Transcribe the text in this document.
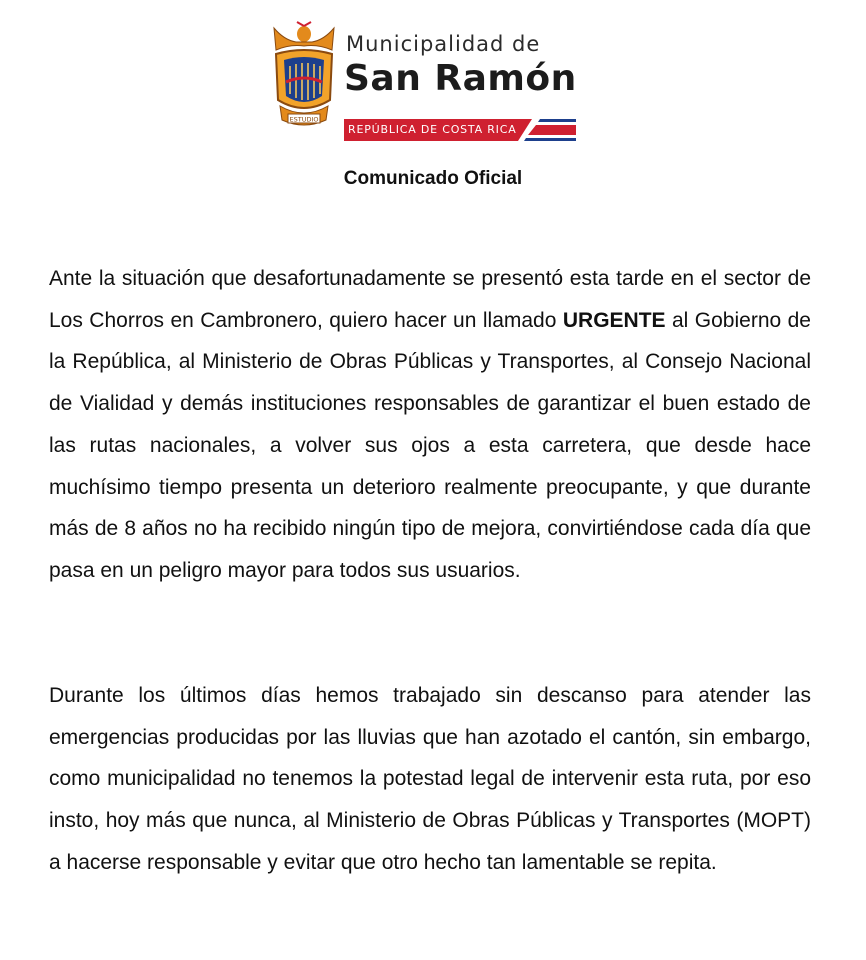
ESTUDIO
Municipalidad de
San Ramón
REPÚBLICA DE COSTA RICA
Comunicado Oficial

Ante la situación que desafortunadamente se presentó esta tarde en el sector de Los Chorros en Cambronero, quiero hacer un llamado URGENTE al Gobierno de la República, al Ministerio de Obras Públicas y Transportes, al Consejo Nacional de Vialidad y demás instituciones responsables de garantizar el buen estado de las rutas nacionales, a volver sus ojos a esta carretera, que desde hace muchísimo tiempo presenta un deterioro realmente preocupante, y que durante más de 8 años no ha recibido ningún tipo de mejora, convirtiéndose cada día que pasa en un peligro mayor para todos sus usuarios.

Durante los últimos días hemos trabajado sin descanso para atender las emergencias producidas por las lluvias que han azotado el cantón, sin embargo, como municipalidad no tenemos la potestad legal de intervenir esta ruta, por eso insto, hoy más que nunca, al Ministerio de Obras Públicas y Transportes (MOPT) a hacerse responsable y evitar que otro hecho tan lamentable se repita.
